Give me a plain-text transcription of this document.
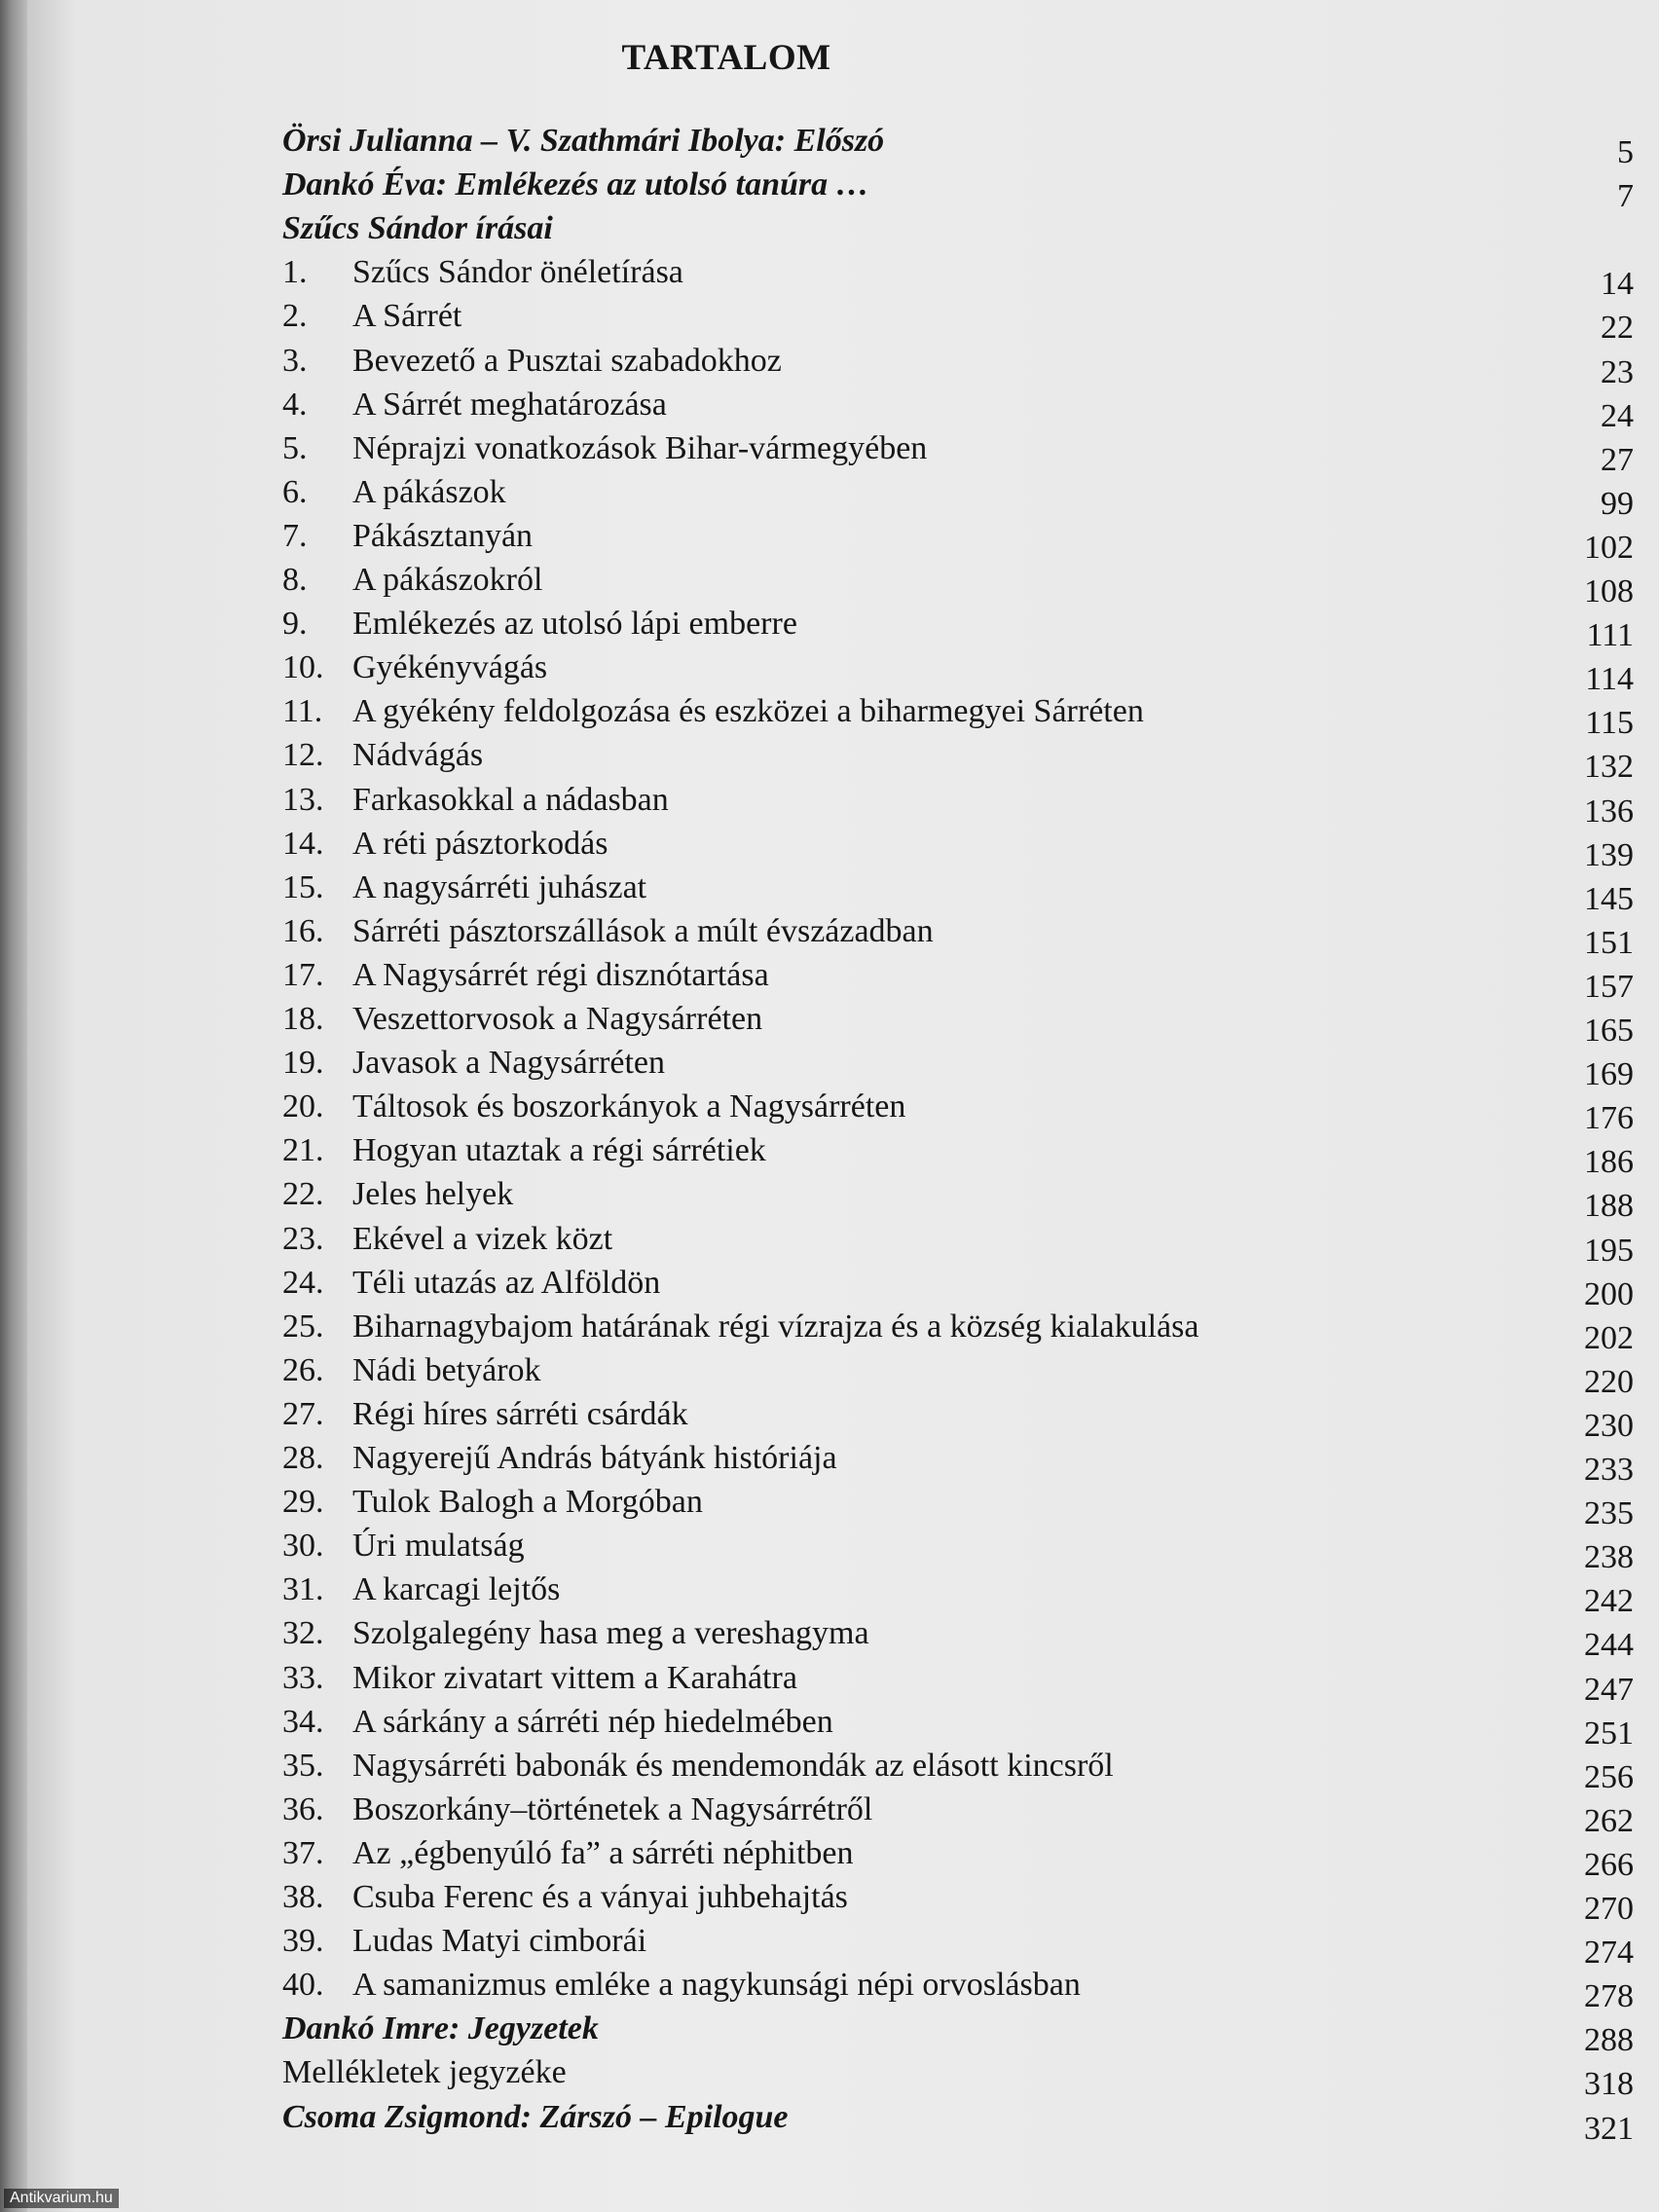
TARTALOM
Örsi Julianna – V. Szathmári Ibolya: Előszó	5
Dankó Éva: Emlékezés az utolsó tanúra …	7
Szűcs Sándor írásai
1. Szűcs Sándor önéletírása	14
2. A Sárrét	22
3. Bevezető a Pusztai szabadokhoz	23
4. A Sárrét meghatározása	24
5. Néprajzi vonatkozások Bihar-vármegyében	27
6. A pákászok	99
7. Pákásztanyán	102
8. A pákászokról	108
9. Emlékezés az utolsó lápi emberre	111
10. Gyékényvágás	114
11. A gyékény feldolgozása és eszközei a biharmegyei Sárréten	115
12. Nádvágás	132
13. Farkasokkal a nádasban	136
14. A réti pásztorkodás	139
15. A nagysárréti juhászat	145
16. Sárréti pásztorszállások a múlt évszázadban	151
17. A Nagysárrét régi disznótartása	157
18. Veszettorvosok a Nagysárréten	165
19. Javasok a Nagysárréten	169
20. Táltosok és boszorkányok a Nagysárréten	176
21. Hogyan utaztak a régi sárrétiek	186
22. Jeles helyek	188
23. Ekével a vizek közt	195
24. Téli utazás az Alföldön	200
25. Biharnagybajom határának régi vízrajza és a község kialakulása	202
26. Nádi betyárok	220
27. Régi híres sárréti csárdák	230
28. Nagyerejű András bátyánk históriája	233
29. Tulok Balogh a Morgóban	235
30. Úri mulatság	238
31. A karcagi lejtős	242
32. Szolgalegény hasa meg a vereshagyma	244
33. Mikor zivatart vittem a Karahátra	247
34. A sárkány a sárréti nép hiedelmében	251
35. Nagysárréti babonák és mendemondák az elásott kincsről	256
36. Boszorkány–történetek a Nagysárrétről	262
37. Az „égbenyúló fa” a sárréti néphitben	266
38. Csuba Ferenc és a ványai juhbehajtás	270
39. Ludas Matyi cimborái	274
40. A samanizmus emléke a nagykunsági népi orvoslásban	278
Dankó Imre: Jegyzetek	288
Mellékletek jegyzéke	318
Csoma Zsigmond: Zárszó – Epilogue	321
Antikvarium.hu
